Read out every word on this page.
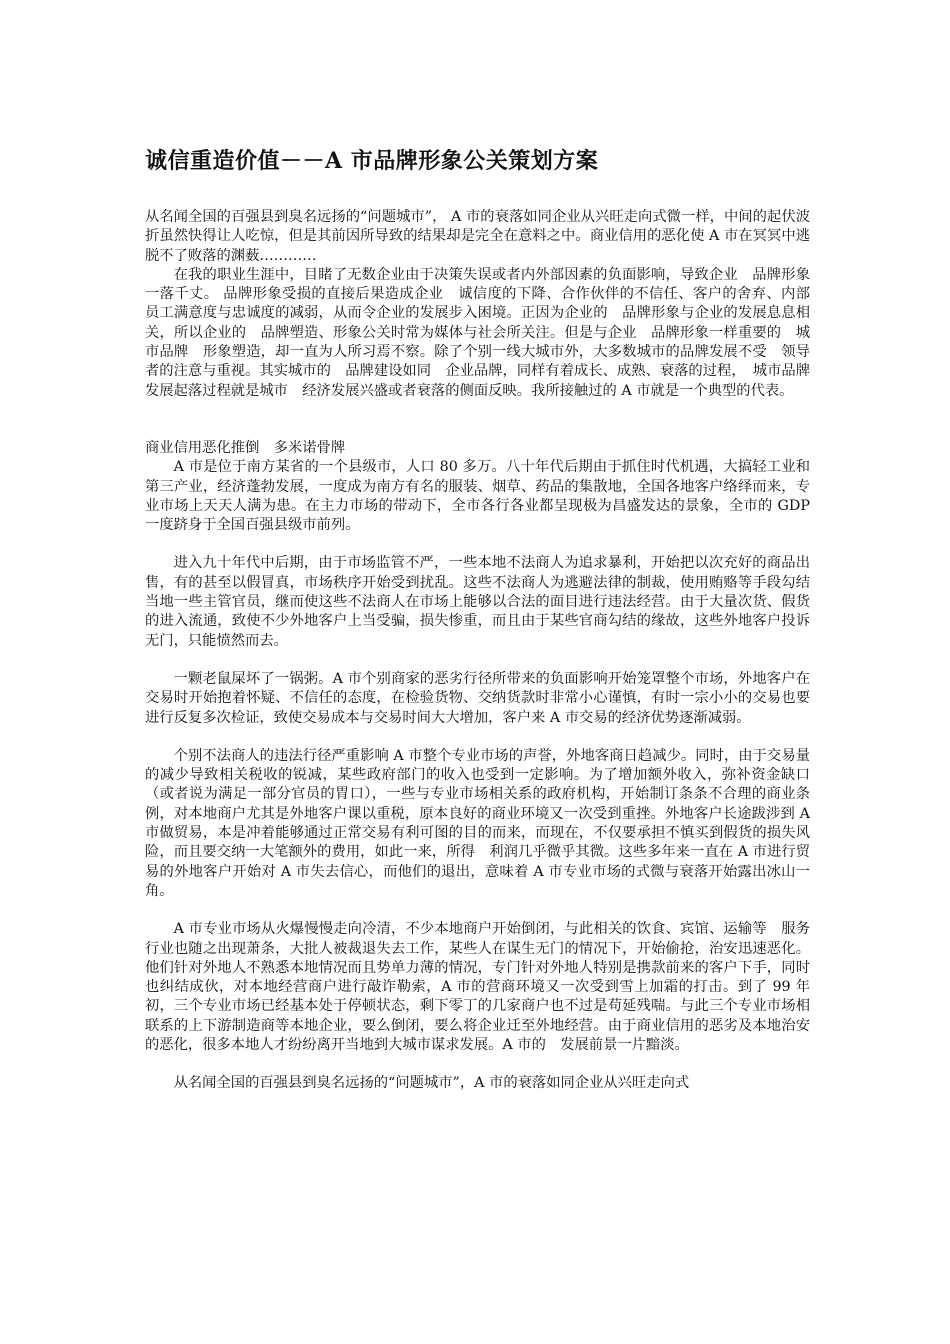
诚信重造价值－－A 市品牌形象公关策划方案

从名闻全国的百强县到臭名远扬的“问题城市”， A 市的衰落如同企业从兴旺走向式微一样，中间的起伏波折虽然快得让人吃惊，但是其前因所导致的结果却是完全在意料之中。商业信用的恶化使 A 市在冥冥中逃脱不了败落的渊薮…………

在我的职业生涯中，目睹了无数企业由于决策失误或者内外部因素的负面影响，导致企业　品牌形象一落千丈。 品牌形象受损的直接后果造成企业　诚信度的下降、合作伙伴的不信任、客户的舍弃、内部　员工满意度与忠诚度的减弱，从而令企业的发展步入困境。正因为企业的　品牌形象与企业的发展息息相关，所以企业的　品牌塑造、形象公关时常为媒体与社会所关注。但是与企业　品牌形象一样重要的　城市品牌　形象塑造，却一直为人所习焉不察。除了个别一线大城市外，大多数城市的品牌发展不受　领导者的注意与重视。其实城市的　品牌建设如同　企业品牌，同样有着成长、成熟、衰落的过程，　城市品牌发展起落过程就是城市　经济发展兴盛或者衰落的侧面反映。我所接触过的 A 市就是一个典型的代表。

商业信用恶化推倒　多米诺骨牌

A 市是位于南方某省的一个县级市，人口 80 多万。八十年代后期由于抓住时代机遇，大搞轻工业和第三产业，经济蓬勃发展，一度成为南方有名的服装、烟草、药品的集散地，全国各地客户络绎而来，专业市场上天天人满为患。在主力市场的带动下，全市各行各业都呈现极为昌盛发达的景象，全市的 GDP 一度跻身于全国百强县级市前列。

进入九十年代中后期，由于市场监管不严，一些本地不法商人为追求暴利，开始把以次充好的商品出售，有的甚至以假冒真，市场秩序开始受到扰乱。这些不法商人为逃避法律的制裁，使用贿赂等手段勾结当地一些主管官员，继而使这些不法商人在市场上能够以合法的面目进行违法经营。由于大量次货、假货的进入流通，致使不少外地客户上当受骗，损失惨重，而且由于某些官商勾结的缘故，这些外地客户投诉无门，只能愤然而去。

一颗老鼠屎坏了一锅粥。A 市个别商家的恶劣行径所带来的负面影响开始笼罩整个市场，外地客户在交易时开始抱着怀疑、不信任的态度，在检验货物、交纳货款时非常小心谨慎，有时一宗小小的交易也要进行反复多次检证，致使交易成本与交易时间大大增加，客户来 A 市交易的经济优势逐渐减弱。

个别不法商人的违法行径严重影响 A 市整个专业市场的声誉，外地客商日趋减少。同时，由于交易量的减少导致相关税收的锐减，某些政府部门的收入也受到一定影响。为了增加额外收入，弥补资金缺口（或者说为满足一部分官员的胃口），一些与专业市场相关系的政府机构，开始制订条条不合理的商业条例，对本地商户尤其是外地客户课以重税，原本良好的商业环境又一次受到重挫。外地客户长途跋涉到 A 市做贸易，本是冲着能够通过正常交易有利可图的目的而来，而现在，不仅要承担不慎买到假货的损失风险，而且要交纳一大笔额外的费用，如此一来，所得　利润几乎微乎其微。这些多年来一直在 A 市进行贸易的外地客户开始对 A 市失去信心，而他们的退出，意味着 A 市专业市场的式微与衰落开始露出冰山一角。

A 市专业市场从火爆慢慢走向冷清，不少本地商户开始倒闭，与此相关的饮食、宾馆、运输等　服务行业也随之出现萧条，大批人被裁退失去工作，某些人在谋生无门的情况下，开始偷抢，治安迅速恶化。他们针对外地人不熟悉本地情况而且势单力薄的情况，专门针对外地人特别是携款前来的客户下手，同时也纠结成伙，对本地经营商户进行敲诈勒索，A 市的营商环境又一次受到雪上加霜的打击。到了 99 年初，三个专业市场已经基本处于停顿状态，剩下零丁的几家商户也不过是苟延残喘。与此三个专业市场相联系的上下游制造商等本地企业，要么倒闭，要么将企业迁至外地经营。由于商业信用的恶劣及本地治安的恶化，很多本地人才纷纷离开当地到大城市谋求发展。A 市的　发展前景一片黯淡。

从名闻全国的百强县到臭名远扬的“问题城市”，A 市的衰落如同企业从兴旺走向式
